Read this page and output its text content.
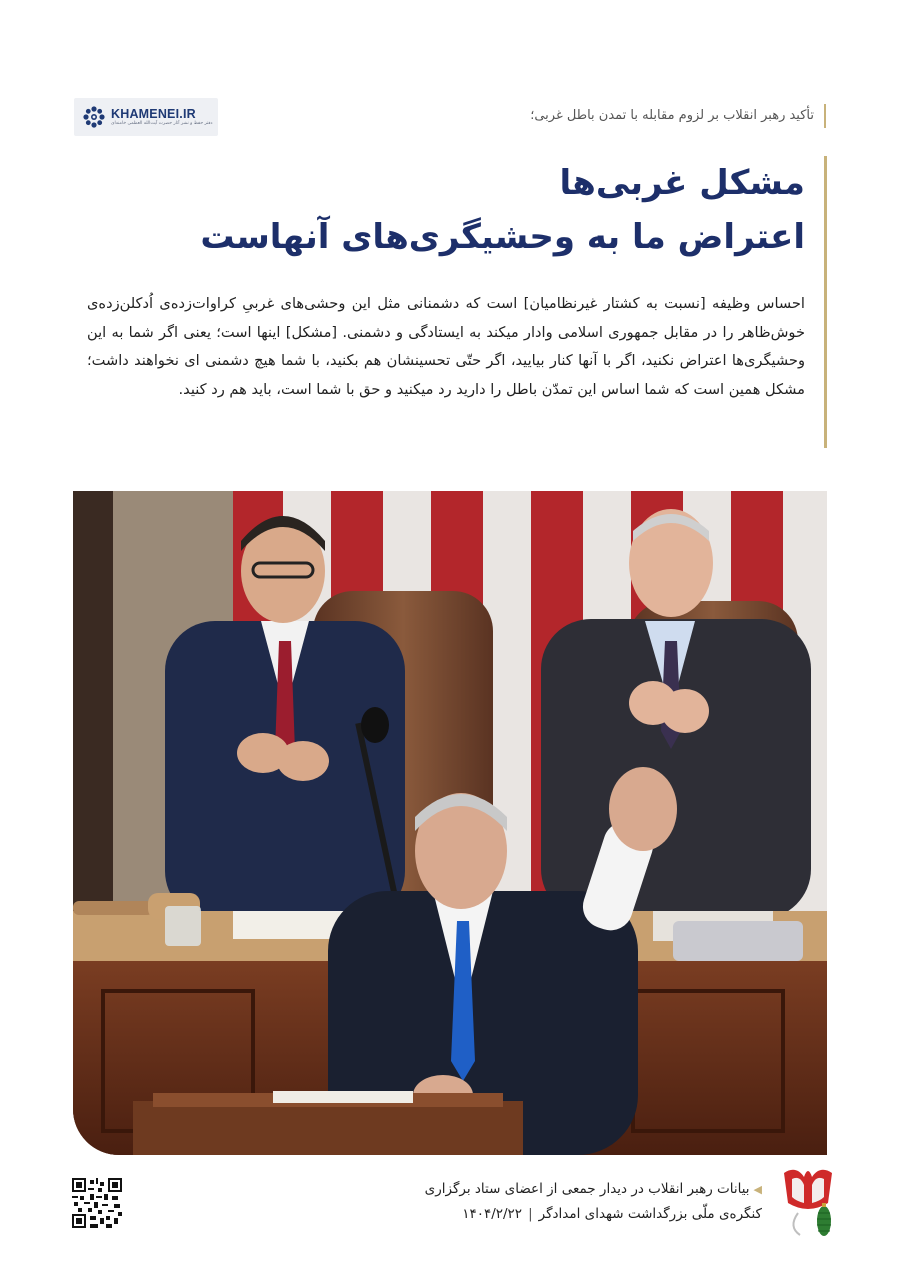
KHAMENEI.IR
دفتر حفظ و نشر آثار حضرت آیت‌الله العظمی خامنه‌ای	تأکید رهبر انقلاب بر لزوم مقابله با تمدن باطل غربی؛
مشکل غربی‌ها
اعتراض ما به وحشیگری‌های آنهاست

احساس وظیفه [نسبت به کشتار غیرنظامیان] است که دشمنانی مثل این وحشی‌های غربیِ کراوات‌زده‌ی اُدکلن‌زده‌ی خوش‌ظاهر را در مقابل جمهوری اسلامی وادار میکند به ایستادگی و دشمنی. [مشکل] اینها است؛ یعنی اگر شما به این وحشیگری‌ها اعتراض نکنید، اگر با آنها کنار بیایید، اگر حتّی تحسینشان هم بکنید، با شما هیچ دشمنی ای نخواهند داشت؛ مشکل همین است که شما اساس این تمدّن باطل را دارید رد میکنید و حق با شما است، باید هم رد کنید.

◀بیانات رهبر انقلاب در دیدار جمعی از اعضای ستاد برگزاری
کنگره‌ی ملّی بزرگداشت شهدای امدادگر|۱۴۰۴/۲/۲۲
